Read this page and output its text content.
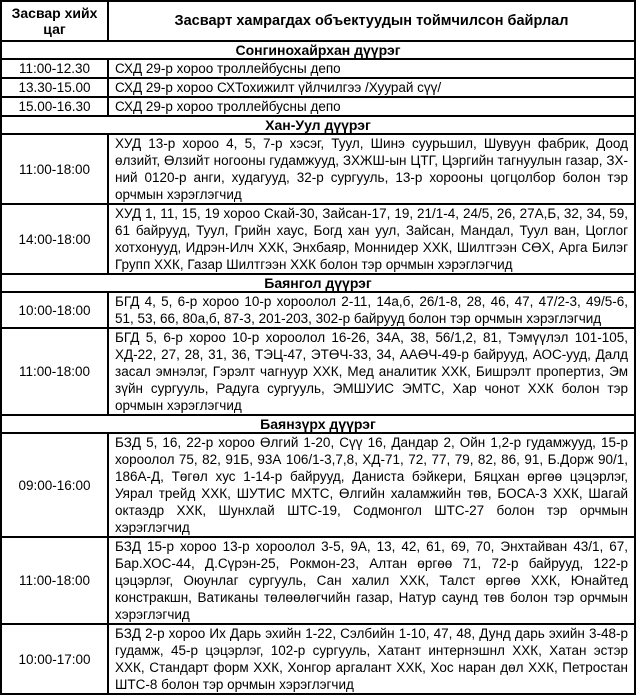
Засвар хийх цаг	Засварт хамрагдах объектуудын тоймчилсон байрлал
Сонгинохайрхан дүүрэг	
11:00-12.30	СХД 29-р хороо троллейбусны депо
13.30-15.00	СХД 29-р хороо СХТохижилт үйлчилгээ /Хуурай сүү/
15.00-16.30	СХД 29-р хороо троллейбусны депо
Хан-Уул дүүрэг	
11:00-18:00	ХУД 13-р хороо 4, 5, 7-р хэсэг, Туул, Шинэ суурьшил, Шувуун фабрик, Доод өлзийт, Өлзийт ногооны гудамжууд, ЗХЖШ-ын ЦТГ, Цэргийн тагнуулын газар, ЗХ-ний 0120-р анги, худагууд, 32-р сургууль, 13-р хорооны цогцолбор болон тэр орчмын хэрэглэгчид
14:00-18:00	ХУД 1, 11, 15, 19 хороо Скай-30, Зайсан-17, 19, 21/1-4, 24/5, 26, 27А,Б, 32, 34, 59, 61 байрууд, Туул, Грийн хаус, Богд хан уул, Зайсан, Мандал, Туул ван, Цоглог хотхонууд, Идрэн-Илч ХХК, Энхбаяр, Моннидер ХХК, Шилтгээн СӨХ, Арга Билэг Групп ХХК, Газар Шилтгээн ХХК болон тэр орчмын хэрэглэгчид
Баянгол дүүрэг	
10:00-18:00	БГД 4, 5, 6-р хороо 10-р хороолол 2-11, 14а,б, 26/1-8, 28, 46, 47, 47/2-3, 49/5-6, 51, 53, 66, 80а,б, 87-3, 201-203, 302-р байрууд болон тэр орчмын хэрэглэгчид
11:00-18:00	БГД 5, 6-р хороо 10-р хороолол 16-26, 34А, 38, 56/1,2, 81, Тэмүүлэл 101-105, ХД-22, 27, 28, 31, 36, ТЭЦ-47, ЭТӨЧ-33, 34, ААӨЧ-49-р байрууд, АОС-ууд, Далд засал эмнэлэг, Гэрэлт чагнуур ХХК, Мед аналитик ХХК, Бишрэлт пропертиз, Эм зүйн сургууль, Радуга сургууль, ЭМШУИС ЭМТС, Хар чонот ХХК болон тэр орчмын хэрэглэгчид
Баянзүрх дүүрэг	
09:00-16:00	БЗД 5, 16, 22-р хороо Өлгий 1-20, Сүү 16, Дандар 2, Ойн 1,2-р гудамжууд, 15-р хороолол 75, 82, 91Б, 93А 106/1-3,7,8, ХД-71, 72, 77, 79, 82, 86, 91, Б.Дорж 90/1, 186А-Д, Төгөл хус 1-14-р байрууд, Даниста бэйкери, Бяцхан өргөө цэцэрлэг, Уярал трейд ХХК, ШУТИС МХТС, Өлгийн халамжийн төв, БОСА-3 ХХК, Шагай октаэдр ХХК, Шунхлай ШТС-19, Содмонгол ШТС-27 болон тэр орчмын хэрэглэгчид
11:00-18:00	БЗД 15-р хороо 13-р хороолол 3-5, 9А, 13, 42, 61, 69, 70, Энхтайван 43/1, 67, Бар.ХОС-44, Д.Сүрэн-25, Рокмон-23, Алтан өргөө 71, 72-р байрууд, 122-р цэцэрлэг, Оюунлаг сургууль, Сан халил ХХК, Талст өргөө ХХК, Юнайтед констракшн, Ватиканы төлөөлөгчийн газар, Натур саунд төв болон тэр орчмын хэрэглэгчид
10:00-17:00	БЗД 2-р хороо Их Дарь эхийн 1-22, Сэлбийн 1-10, 47, 48, Дунд дарь эхийн 3-48-р гудамж, 45-р цэцэрлэг, 102-р сургууль, Хатант интернэшнл ХХК, Хатан эстэр ХХК, Стандарт форм ХХК, Хонгор аргалант ХХК, Хос наран дөл ХХК, Петростан ШТС-8 болон тэр орчмын хэрэглэгчид
